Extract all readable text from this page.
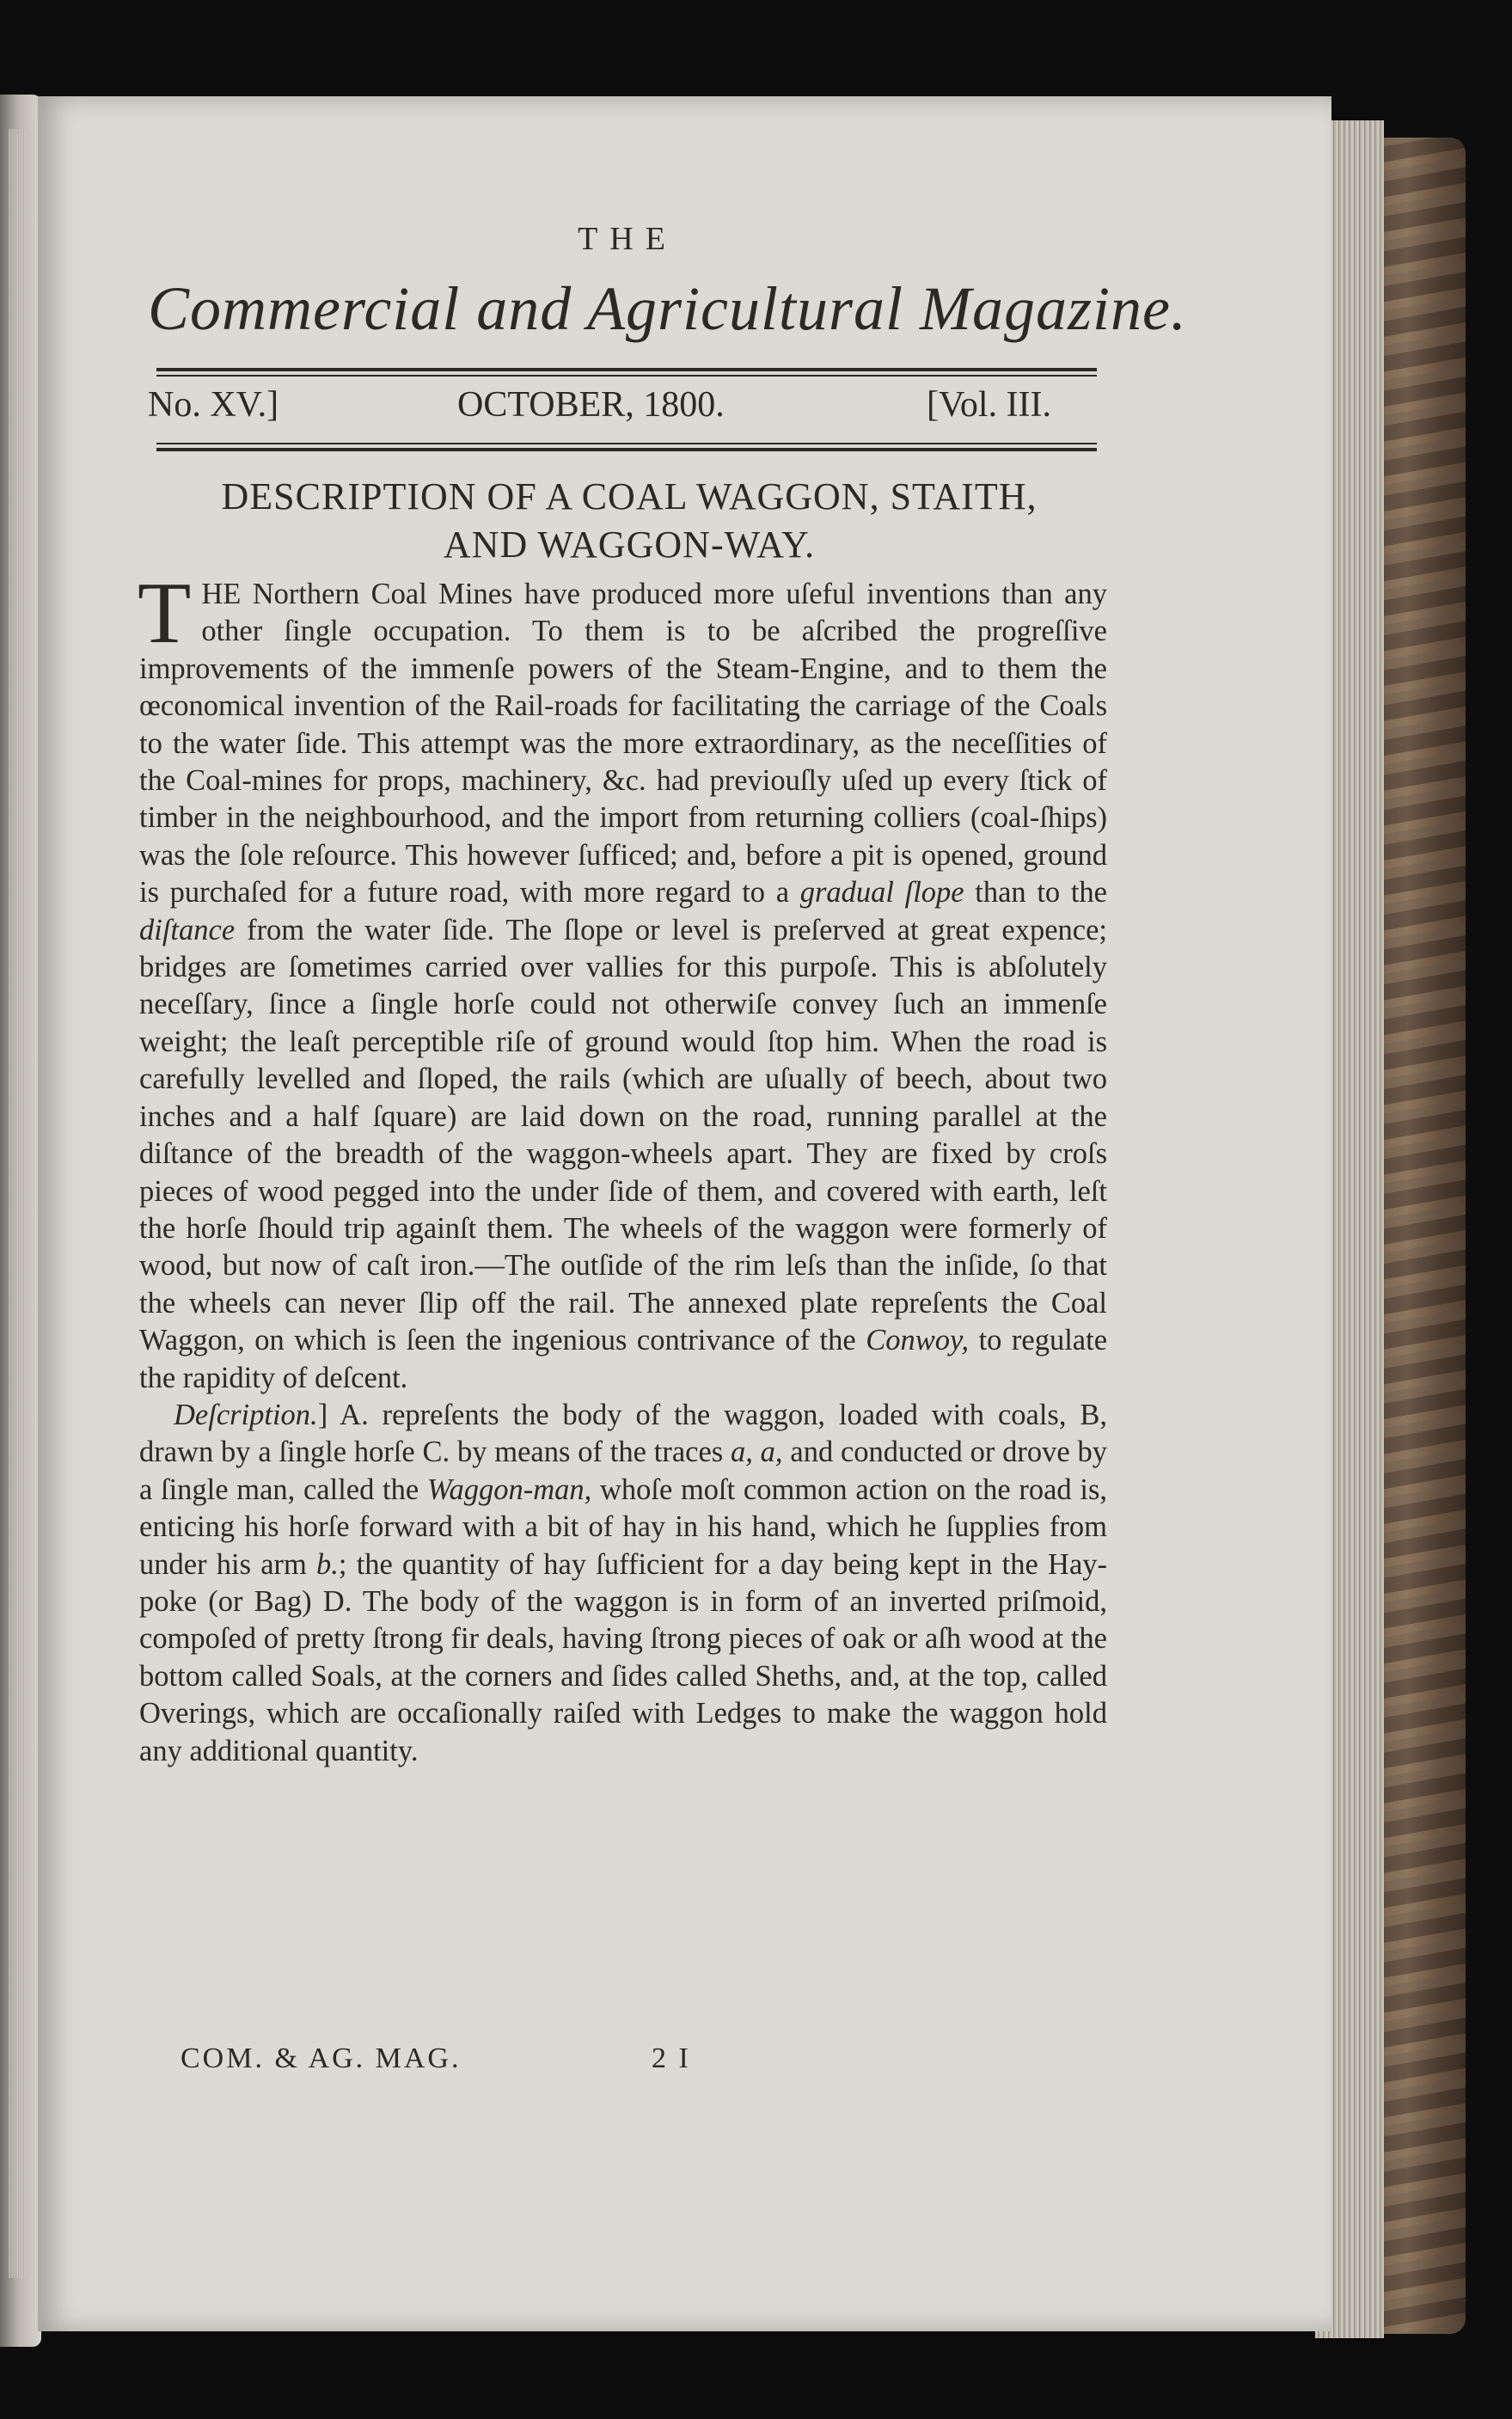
THE
Commercial and Agricultural Magazine.
No. XV.]	OCTOBER, 1800.	[Vol. III.
DESCRIPTION OF A COAL WAGGON, STAITH,
AND WAGGON-WAY.

THE Northern Coal Mines have produced more uſeful inventions than any other ſingle occupation. To them is to be aſcribed the progreſſive improvements of the immenſe powers of the Steam-Engine, and to them the œconomical invention of the Rail-roads for facilitating the carriage of the Coals to the water ſide. This attempt was the more extraordinary, as the neceſſities of the Coal-mines for props, machinery, &c. had previouſly uſed up every ſtick of timber in the neighbourhood, and the import from returning colliers (coal-ſhips) was the ſole reſource. This however ſufficed; and, before a pit is opened, ground is purchaſed for a future road, with more regard to a gradual ſlope than to the diſtance from the water ſide. The ſlope or level is preſerved at great expence; bridges are ſometimes carried over vallies for this purpoſe. This is abſolutely neceſſary, ſince a ſingle horſe could not otherwiſe convey ſuch an immenſe weight; the leaſt perceptible riſe of ground would ſtop him. When the road is carefully levelled and ſloped, the rails (which are uſually of beech, about two inches and a half ſquare) are laid down on the road, running parallel at the diſtance of the breadth of the waggon-wheels apart. They are fixed by croſs pieces of wood pegged into the under ſide of them, and covered with earth, leſt the horſe ſhould trip againſt them. The wheels of the waggon were formerly of wood, but now of caſt iron.—The outſide of the rim leſs than the inſide, ſo that the wheels can never ſlip off the rail. The annexed plate repreſents the Coal Waggon, on which is ſeen the ingenious contrivance of the Conwoy, to regulate the rapidity of deſcent.

Deſcription.] A. repreſents the body of the waggon, loaded with coals, B, drawn by a ſingle horſe C. by means of the traces a, a, and conducted or drove by a ſingle man, called the Waggon-man, whoſe moſt common action on the road is, enticing his horſe forward with a bit of hay in his hand, which he ſupplies from under his arm b.; the quantity of hay ſufficient for a day being kept in the Hay-poke (or Bag) D. The body of the waggon is in form of an inverted priſmoid, compoſed of pretty ſtrong fir deals, having ſtrong pieces of oak or aſh wood at the bottom called Soals, at the corners and ſides called Sheths, and, at the top, called Overings, which are occaſionally raiſed with Ledges to make the waggon hold any additional quantity.

COM. & AG. MAG.	2 I
